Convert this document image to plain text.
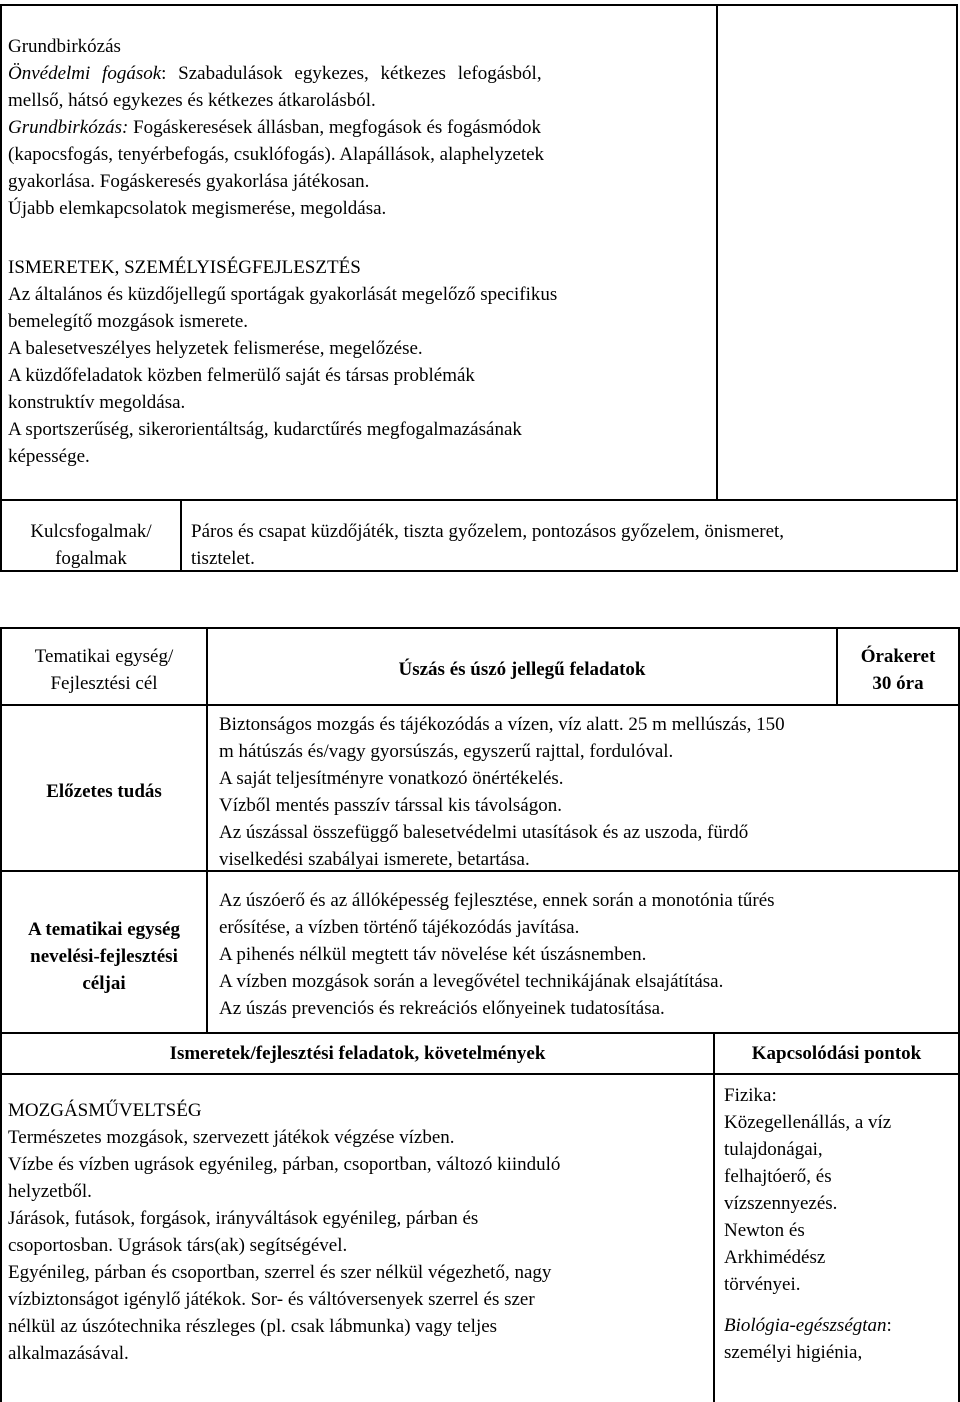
Grundbirkózás
Önvédelmi fogások: Szabadulások egykezes, kétkezes lefogásból,
mellső, hátsó egykezes és kétkezes átkarolásból.
Grundbirkózás: Fogáskeresések állásban, megfogások és fogásmódok
(kapocsfogás, tenyérbefogás, csuklófogás). Alapállások, alaphelyzetek
gyakorlása. Fogáskeresés gyakorlása játékosan.
Újabb elemkapcsolatok megismerése, megoldása.
ISMERETEK, SZEMÉLYISÉGFEJLESZTÉS
Az általános és küzdőjellegű sportágak gyakorlását megelőző specifikus
bemelegítő mozgások ismerete.
A balesetveszélyes helyzetek felismerése, megelőzése.
A küzdőfeladatok közben felmerülő saját és társas problémák
konstruktív megoldása.
A sportszerűség, sikerorientáltság, kudarctűrés megfogalmazásának
képessége.
Kulcsfogalmak/
fogalmak
Páros és csapat küzdőjáték, tiszta győzelem, pontozásos győzelem, önismeret,
tisztelet.
Tematikai egység/
Fejlesztési cél
Úszás és úszó jellegű feladatok
Órakeret
30 óra
Előzetes tudás
Biztonságos mozgás és tájékozódás a vízen, víz alatt. 25 m mellúszás, 150
m hátúszás és/vagy gyorsúszás, egyszerű rajttal, fordulóval.
A saját teljesítményre vonatkozó önértékelés.
Vízből mentés passzív társsal kis távolságon.
Az úszással összefüggő balesetvédelmi utasítások és az uszoda, fürdő
viselkedési szabályai ismerete, betartása.
A tematikai egység
nevelési-fejlesztési
céljai
Az úszóerő és az állóképesség fejlesztése, ennek során a monotónia tűrés
erősítése, a vízben történő tájékozódás javítása.
A pihenés nélkül megtett táv növelése két úszásnemben.
A vízben mozgások során a levegővétel technikájának elsajátítása.
Az úszás prevenciós és rekreációs előnyeinek tudatosítása.
Ismeretek/fejlesztési feladatok, követelmények	Kapcsolódási pontok
MOZGÁSMŰVELTSÉG
Természetes mozgások, szervezett játékok végzése vízben.
Vízbe és vízben ugrások egyénileg, párban, csoportban, változó kiinduló
helyzetből.
Járások, futások, forgások, irányváltások egyénileg, párban és
csoportosban. Ugrások társ(ak) segítségével.
Egyénileg, párban és csoportban, szerrel és szer nélkül végezhető, nagy
vízbiztonságot igénylő játékok. Sor- és váltóversenyek szerrel és szer
nélkül az úszótechnika részleges (pl. csak lábmunka) vagy teljes
alkalmazásával.
Fizika:
Közegellenállás, a víz
tulajdonágai,
felhajtóerő, és
vízszennyezés.
Newton és
Arkhimédész
törvényei.
Biológia-egészségtan:
személyi higiénia,
